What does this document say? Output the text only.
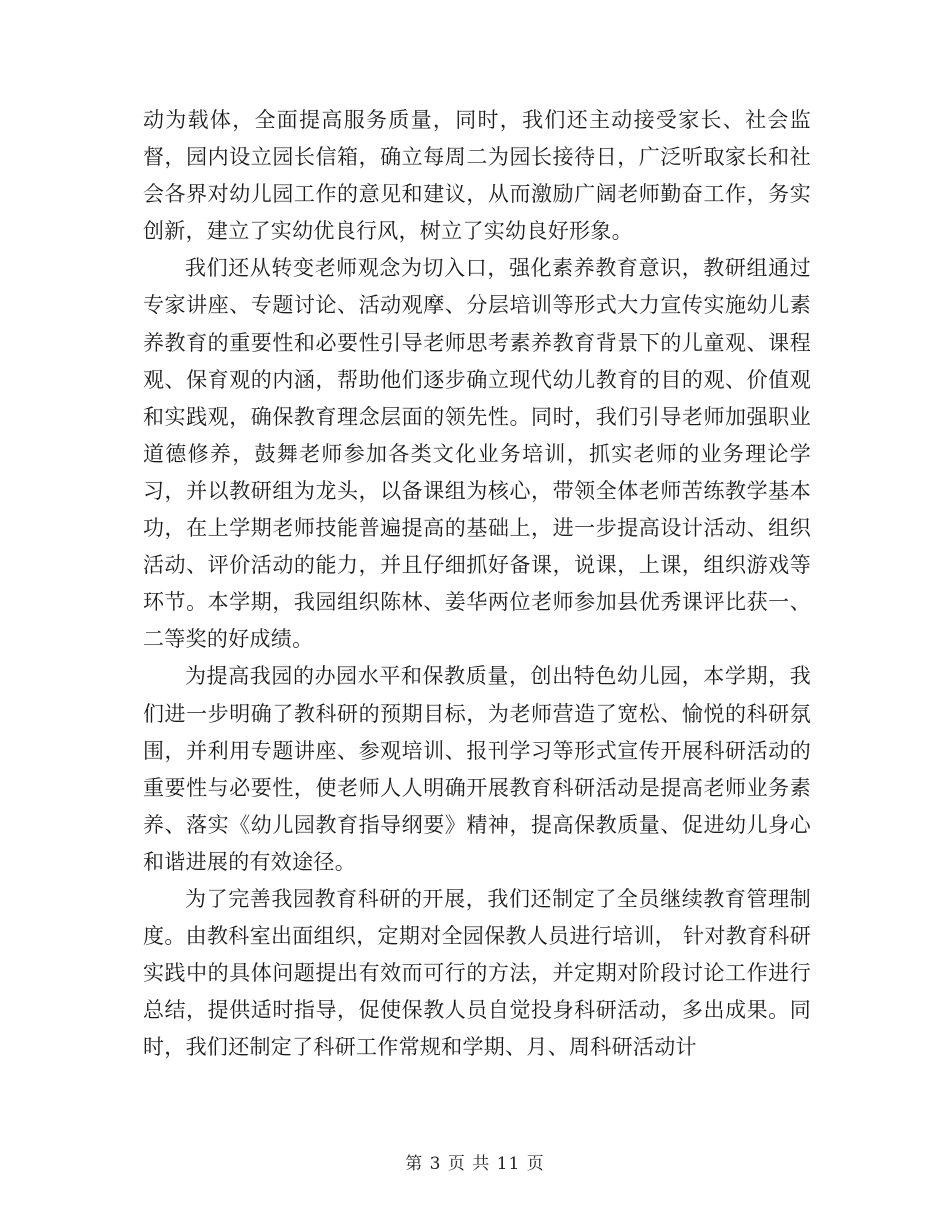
动为载体，全面提高服务质量，同时，我们还主动接受家长、社会监督，园内设立园长信箱，确立每周二为园长接待日，广泛听取家长和社会各界对幼儿园工作的意见和建议，从而激励广阔老师勤奋工作，务实创新，建立了实幼优良行风，树立了实幼良好形象。

我们还从转变老师观念为切入口，强化素养教育意识，教研组通过专家讲座、专题讨论、活动观摩、分层培训等形式大力宣传实施幼儿素养教育的重要性和必要性引导老师思考素养教育背景下的儿童观、课程观、保育观的内涵，帮助他们逐步确立现代幼儿教育的目的观、价值观和实践观，确保教育理念层面的领先性。同时，我们引导老师加强职业道德修养，鼓舞老师参加各类文化业务培训，抓实老师的业务理论学习，并以教研组为龙头，以备课组为核心，带领全体老师苦练教学基本功，在上学期老师技能普遍提高的基础上，进一步提高设计活动、组织活动、评价活动的能力，并且仔细抓好备课，说课，上课，组织游戏等环节。本学期，我园组织陈林、姜华两位老师参加县优秀课评比获一、二等奖的好成绩。

为提高我园的办园水平和保教质量，创出特色幼儿园，本学期，我们进一步明确了教科研的预期目标，为老师营造了宽松、愉悦的科研氛围，并利用专题讲座、参观培训、报刊学习等形式宣传开展科研活动的重要性与必要性，使老师人人明确开展教育科研活动是提高老师业务素养、落实《幼儿园教育指导纲要》精神，提高保教质量、促进幼儿身心和谐进展的有效途径。

为了完善我园教育科研的开展，我们还制定了全员继续教育管理制度。由教科室出面组织，定期对全园保教人员进行培训， 针对教育科研实践中的具体问题提出有效而可行的方法，并定期对阶段讨论工作进行总结，提供适时指导，促使保教人员自觉投身科研活动，多出成果。同时，我们还制定了科研工作常规和学期、月、周科研活动计

第 3 页 共 11 页
